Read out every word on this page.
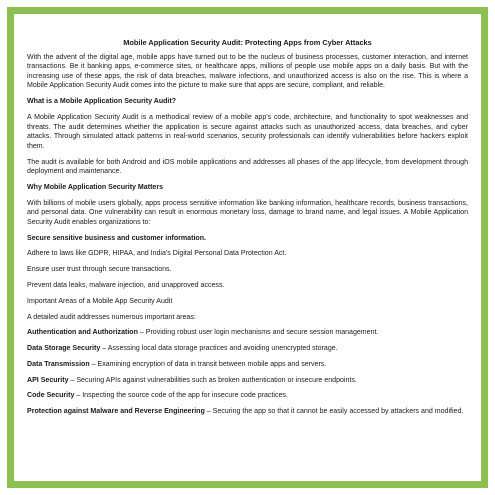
Mobile Application Security Audit: Protecting Apps from Cyber Attacks

With the advent of the digital age, mobile apps have turned out to be the nucleus of business processes, customer interaction, and internet transactions. Be it banking apps, e-commerce sites, or healthcare apps, millions of people use mobile apps on a daily basis. But with the increasing use of these apps, the risk of data breaches, malware infections, and unauthorized access is also on the rise. This is where a Mobile Application Security Audit comes into the picture to make sure that apps are secure, compliant, and reliable.

What is a Mobile Application Security Audit?

A Mobile Application Security Audit is a methodical review of a mobile app's code, architecture, and functionality to spot weaknesses and threats. The audit determines whether the application is secure against attacks such as unauthorized access, data breaches, and cyber attacks. Through simulated attack patterns in real-world scenarios, security professionals can identify vulnerabilities before hackers exploit them.

The audit is available for both Android and iOS mobile applications and addresses all phases of the app lifecycle, from development through deployment and maintenance.

Why Mobile Application Security Matters

With billions of mobile users globally, apps process sensitive information like banking information, healthcare records, business transactions, and personal data. One vulnerability can result in enormous monetary loss, damage to brand name, and legal issues. A Mobile Application Security Audit enables organizations to:

Secure sensitive business and customer information.

Adhere to laws like GDPR, HIPAA, and India's Digital Personal Data Protection Act.

Ensure user trust through secure transactions.

Prevent data leaks, malware injection, and unapproved access.

Important Areas of a Mobile App Security Audit

A detailed audit addresses numerous important areas:

Authentication and Authorization – Providing robust user login mechanisms and secure session management.

Data Storage Security – Assessing local data storage practices and avoiding unencrypted storage.

Data Transmission – Examining encryption of data in transit between mobile apps and servers.

API Security – Securing APIs against vulnerabilities such as broken authentication or insecure endpoints.

Code Security – Inspecting the source code of the app for insecure code practices.

Protection against Malware and Reverse Engineering – Securing the app so that it cannot be easily accessed by attackers and modified.
